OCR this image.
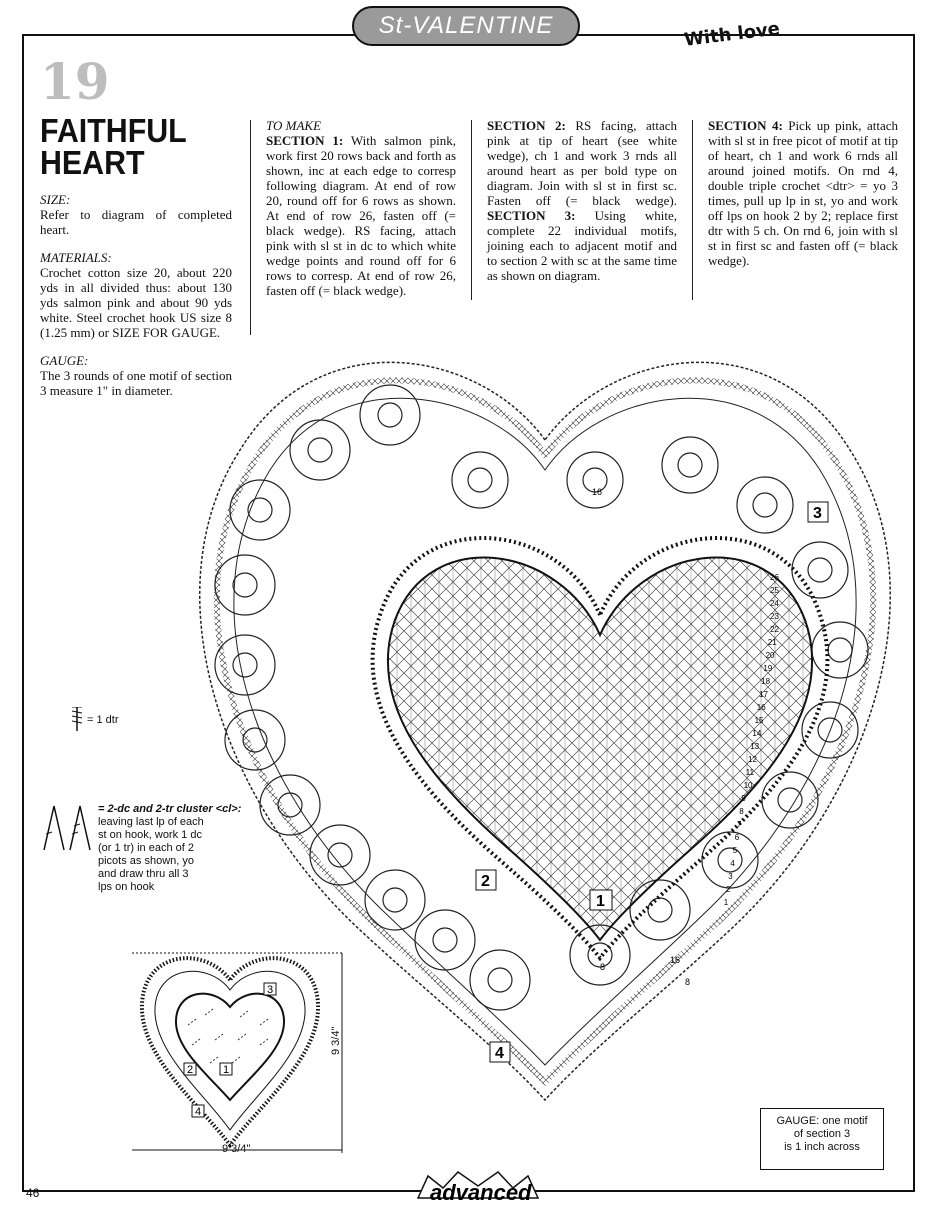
St-VALENTINE	With love
19
FAITHFUL
HEART

SIZE:
Refer to diagram of completed heart.

MATERIALS:
Crochet cotton size 20, about 220 yds in all divided thus: about 130 yds salmon pink and about 90 yds white. Steel crochet hook US size 8 (1.25 mm) or SIZE FOR GAUGE.

GAUGE:
The 3 rounds of one motif of section 3 measure 1" in diameter.

TO MAKE
SECTION 1: With salmon pink, work first 20 rows back and forth as shown, inc at each edge to corresp following diagram. At end of row 20, round off for 6 rows as shown. At end of row 26, fasten off (= black wedge). RS facing, attach pink with sl st in dc to which white wedge points and round off for 6 rows to corresp. At end of row 26, fasten off (= black wedge).
SECTION 2: RS facing, attach pink at tip of heart (see white wedge), ch 1 and work 3 rnds all around heart as per bold type on diagram. Join with sl st in first sc. Fasten off (= black wedge). SECTION 3: Using white, complete 22 individual motifs, joining each to adjacent motif and to section 2 with sc at the same time as shown on diagram.
SECTION 4: Pick up pink, attach with sl st in free picot of motif at tip of heart, ch 1 and work 6 rnds all around joined motifs. On rnd 4, double triple crochet <dtr> = yo 3 times, pull up lp in st, yo and work off lps on hook 2 by 2; replace first dtr with 5 ch. On rnd 6, join with sl st in first sc and fasten off (= black wedge).
1
2
3
4
26
25
24
23
22
21
20
19
18
17
16
15
14
13
12
11
10
9
8
7
6
5
4
3
2
1
16
8
16
8
= 1 dtr
= 2-dc and 2-tr cluster <cl>:
leaving last lp of each
st on hook, work 1 dc
(or 1 tr) in each of 2
picots as shown, yo
and draw thru all 3
lps on hook
3
2	1
4
9 3/4"
9 3/4"
GAUGE: one motif
of section 3
is 1 inch across
46	advanced
